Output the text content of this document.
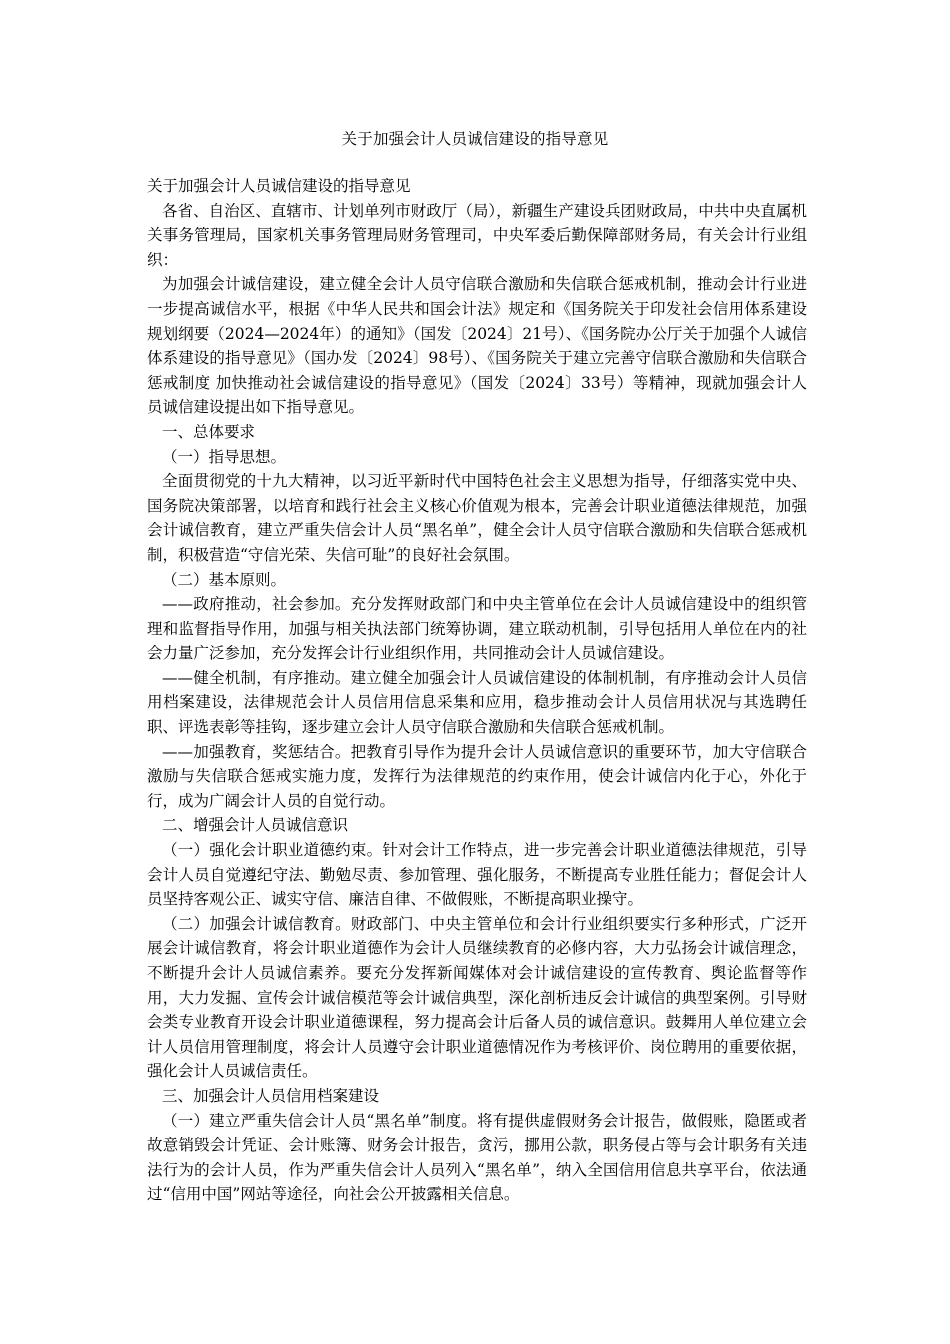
关于加强会计人员诚信建设的指导意见

关于加强会计人员诚信建设的指导意见

各省、自治区、直辖市、计划单列市财政厅（局），新疆生产建设兵团财政局，中共中央直属机关事务管理局，国家机关事务管理局财务管理司，中央军委后勤保障部财务局，有关会计行业组织：

为加强会计诚信建设，建立健全会计人员守信联合激励和失信联合惩戒机制，推动会计行业进一步提高诚信水平，根据《中华人民共和国会计法》规定和《国务院关于印发社会信用体系建设规划纲要（2024—2024年）的通知》（国发〔2024〕21号）、《国务院办公厅关于加强个人诚信体系建设的指导意见》（国办发〔2024〕98号）、《国务院关于建立完善守信联合激励和失信联合惩戒制度 加快推动社会诚信建设的指导意见》（国发〔2024〕33号）等精神，现就加强会计人员诚信建设提出如下指导意见。

一、总体要求

（一）指导思想。

全面贯彻党的十九大精神，以习近平新时代中国特色社会主义思想为指导，仔细落实党中央、国务院决策部署，以培育和践行社会主义核心价值观为根本，完善会计职业道德法律规范，加强会计诚信教育，建立严重失信会计人员“黑名单”，健全会计人员守信联合激励和失信联合惩戒机制，积极营造“守信光荣、失信可耻”的良好社会氛围。

（二）基本原则。

——政府推动，社会参加。充分发挥财政部门和中央主管单位在会计人员诚信建设中的组织管理和监督指导作用，加强与相关执法部门统筹协调，建立联动机制，引导包括用人单位在内的社会力量广泛参加，充分发挥会计行业组织作用，共同推动会计人员诚信建设。

——健全机制，有序推动。建立健全加强会计人员诚信建设的体制机制，有序推动会计人员信用档案建设，法律规范会计人员信用信息采集和应用，稳步推动会计人员信用状况与其选聘任职、评选表彰等挂钩，逐步建立会计人员守信联合激励和失信联合惩戒机制。

——加强教育，奖惩结合。把教育引导作为提升会计人员诚信意识的重要环节，加大守信联合激励与失信联合惩戒实施力度，发挥行为法律规范的约束作用，使会计诚信内化于心，外化于行，成为广阔会计人员的自觉行动。

二、增强会计人员诚信意识

（一）强化会计职业道德约束。针对会计工作特点，进一步完善会计职业道德法律规范，引导会计人员自觉遵纪守法、勤勉尽责、参加管理、强化服务，不断提高专业胜任能力；督促会计人员坚持客观公正、诚实守信、廉洁自律、不做假账，不断提高职业操守。

（二）加强会计诚信教育。财政部门、中央主管单位和会计行业组织要实行多种形式，广泛开展会计诚信教育，将会计职业道德作为会计人员继续教育的必修内容，大力弘扬会计诚信理念，不断提升会计人员诚信素养。要充分发挥新闻媒体对会计诚信建设的宣传教育、舆论监督等作用，大力发掘、宣传会计诚信模范等会计诚信典型，深化剖析违反会计诚信的典型案例。引导财会类专业教育开设会计职业道德课程，努力提高会计后备人员的诚信意识。鼓舞用人单位建立会计人员信用管理制度，将会计人员遵守会计职业道德情况作为考核评价、岗位聘用的重要依据，强化会计人员诚信责任。

三、加强会计人员信用档案建设

（一）建立严重失信会计人员“黑名单”制度。将有提供虚假财务会计报告，做假账，隐匿或者故意销毁会计凭证、会计账簿、财务会计报告，贪污，挪用公款，职务侵占等与会计职务有关违法行为的会计人员，作为严重失信会计人员列入“黑名单”，纳入全国信用信息共享平台，依法通过“信用中国”网站等途径，向社会公开披露相关信息。
